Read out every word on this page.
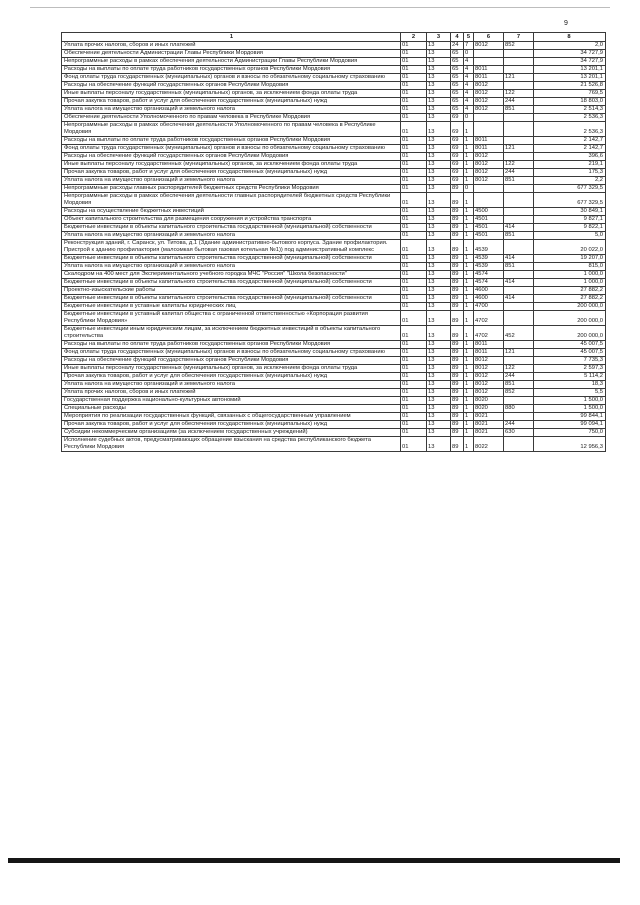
9
1	2	3	4	5	6	7	8
Уплата прочих налогов, сборов и иных платежей	01	13	24	7	8012	852	2,0
Обеспечение деятельности Администрации Главы Республики Мордовия	01	13	65	0			34 727,9
Непрограммные расходы в рамках обеспечения деятельности Администрации Главы Республики Мордовия	01	13	65	4			34 727,9
Расходы на выплаты по оплате труда работников государственных органов Республики Мордовия	01	13	65	4	8011		13 201,1
Фонд оплаты труда государственных (муниципальных) органов и взносы по обязательному социальному страхованию	01	13	65	4	8011	121	13 201,1
Расходы на обеспечение функций государственных органов Республики Мордовия	01	13	65	4	8012		21 526,8
Иные выплаты персоналу государственных (муниципальных) органов, за исключением фонда оплаты труда	01	13	65	4	8012	122	769,5
Прочая закупка товаров, работ и услуг для обеспечения государственных (муниципальных) нужд	01	13	65	4	8012	244	18 803,0
Уплата налога на имущество организаций и земельного налога	01	13	65	4	8012	851	2 514,3
Обеспечение деятельности Уполномоченного по правам человека в Республике Мордовия	01	13	69	0			2 536,3
Непрограммные расходы в рамках обеспечения деятельности Уполномоченного по правам человека в Республике Мордовия	01	13	69	1			2 536,3
Расходы на выплаты по оплате труда работников государственных органов Республики Мордовия	01	13	69	1	8011		2 142,7
Фонд оплаты труда государственных (муниципальных) органов и взносы по обязательному социальному страхованию	01	13	69	1	8011	121	2 142,7
Расходы на обеспечение функций государственных органов Республики Мордовия	01	13	69	1	8012		396,6
Иные выплаты персоналу государственных (муниципальных) органов, за исключением фонда оплаты труда	01	13	69	1	8012	122	219,1
Прочая закупка товаров, работ и услуг для обеспечения государственных (муниципальных) нужд	01	13	69	1	8012	244	175,3
Уплата налога на имущество организаций и земельного налога	01	13	69	1	8012	851	2,2
Непрограммные расходы главных распорядителей бюджетных средств Республики Мордовия	01	13	89	0			677 329,5
Непрограммные расходы в рамках обеспечения деятельности главных распорядителей бюджетных средств Республики Мордовия	01	13	89	1			677 329,5
Расходы на осуществление бюджетных инвестиций	01	13	89	1	4500		30 849,1
Объект капитального строительства для размещения сооружения и устройства транспорта	01	13	89	1	4501		9 827,1
Бюджетные инвестиции в объекты капитального строительства государственной (муниципальной) собственности	01	13	89	1	4501	414	9 822,1
Уплата налога на имущество организаций и земельного налога	01	13	89	1	4501	851	5,0
Реконструкция зданий, г. Саранск, ул. Титова, д.1 (Здание административно-бытового корпуса. Здание профилактория. Пристрой к зданию профилактория (малоэмкая бытовая газовая котельная №1)) под административный комплекс	01	13	89	1	4539		20 022,0
Бюджетные инвестиции в объекты капитального строительства государственной (муниципальной) собственности	01	13	89	1	4539	414	19 207,0
Уплата налога на имущество организаций и земельного налога	01	13	89	1	4539	851	815,0
Скалодром на 400 мест для Экспериментального учебного городка МЧС "Россия" "Школа безопасности"	01	13	89	1	4574		1 000,0
Бюджетные инвестиции в объекты капитального строительства государственной (муниципальной) собственности	01	13	89	1	4574	414	1 000,0
Проектно-изыскательские работы	01	13	89	1	4600		27 882,2
Бюджетные инвестиции в объекты капитального строительства государственной (муниципальной) собственности	01	13	89	1	4600	414	27 882,2
Бюджетные инвестиции в уставные капиталы юридических лиц	01	13	89	1	4700		200 000,0
Бюджетные инвестиции в уставный капитал общества с ограниченной ответственностью «Корпорация развития Республики Мордовия»	01	13	89	1	4702		200 000,0
Бюджетные инвестиции иным юридическим лицам, за исключением бюджетных инвестиций в объекты капитального строительства	01	13	89	1	4702	452	200 000,0
Расходы на выплаты по оплате труда работников государственных органов Республики Мордовия	01	13	89	1	8011		45 007,5
Фонд оплаты труда государственных (муниципальных) органов и взносы по обязательному социальному страхованию	01	13	89	1	8011	121	45 007,5
Расходы на обеспечение функций государственных органов Республики Мордовия	01	13	89	1	8012		7 735,3
Иные выплаты персоналу государственных (муниципальных) органов, за исключением фонда оплаты труда	01	13	89	1	8012	122	2 597,3
Прочая закупка товаров, работ и услуг для обеспечения государственных (муниципальных) нужд	01	13	89	1	8012	244	5 114,2
Уплата налога на имущество организаций и земельного налога	01	13	89	1	8012	851	18,3
Уплата прочих налогов, сборов и иных платежей	01	13	89	1	8012	852	5,5
Государственная поддержка национально-культурных автономий	01	13	89	1	8020		1 500,0
Специальные расходы	01	13	89	1	8020	880	1 500,0
Мероприятия по реализации государственных функций, связанных с общегосударственным управлением	01	13	89	1	8021		99 844,1
Прочая закупка товаров, работ и услуг для обеспечения государственных (муниципальных) нужд	01	13	89	1	8021	244	99 094,1
Субсидии некоммерческим организациям (за исключением государственных учреждений)	01	13	89	1	8021	630	750,0
Исполнение судебных актов, предусматривающих обращение взыскания на средства республиканского бюджета Республики Мордовия	01	13	89	1	8022		12 956,3
